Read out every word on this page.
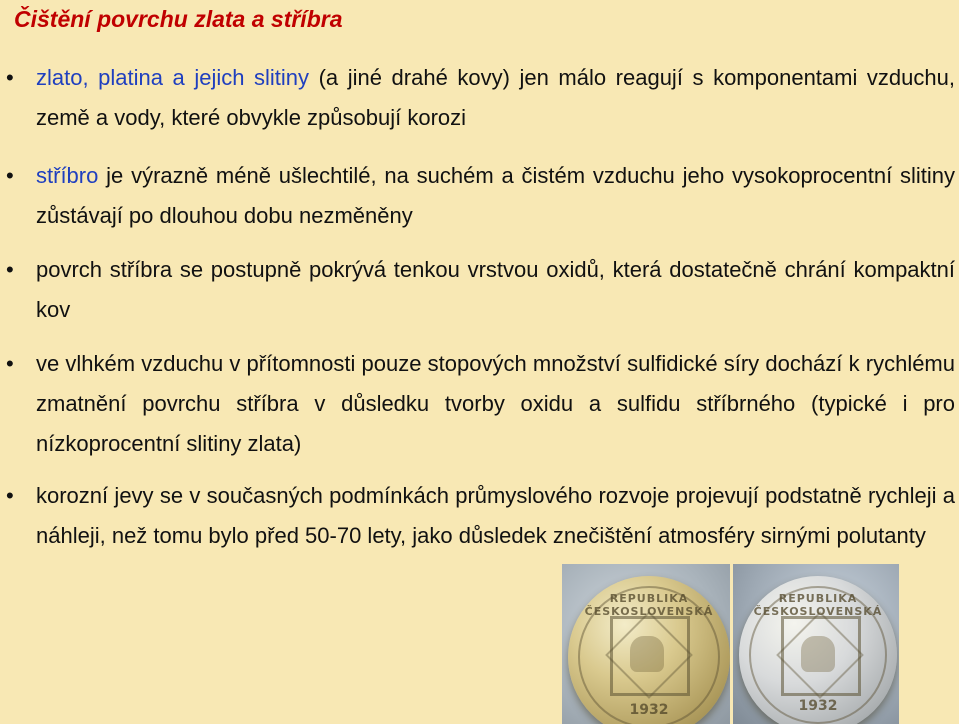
Čištění povrchu zlata a stříbra
• zlato, platina a jejich slitiny (a jiné drahé kovy) jen málo reagují s komponentami vzduchu, země a vody, které obvykle způsobují korozi
• stříbro je výrazně méně ušlechtilé, na suchém a čistém vzduchu jeho vysokoprocentní slitiny zůstávají po dlouhou dobu nezměněny
• povrch stříbra se postupně pokrývá tenkou vrstvou oxidů, která dostatečně chrání kompaktní kov
• ve vlhkém vzduchu v přítomnosti pouze stopových množství sulfidické síry dochází k rychlému zmatnění povrchu stříbra v důsledku tvorby oxidu a sulfidu stříbrného (typické i pro nízkoprocentní slitiny zlata)
• korozní jevy se v současných podmínkách průmyslového rozvoje projevují podstatně rychleji a náhleji, než tomu bylo před 50-70 lety, jako důsledek znečištění atmosféry sirnými polutanty
REPUBLIKA ČESKOSLOVENSKÁ
1932
REPUBLIKA ČESKOSLOVENSKÁ
1932
